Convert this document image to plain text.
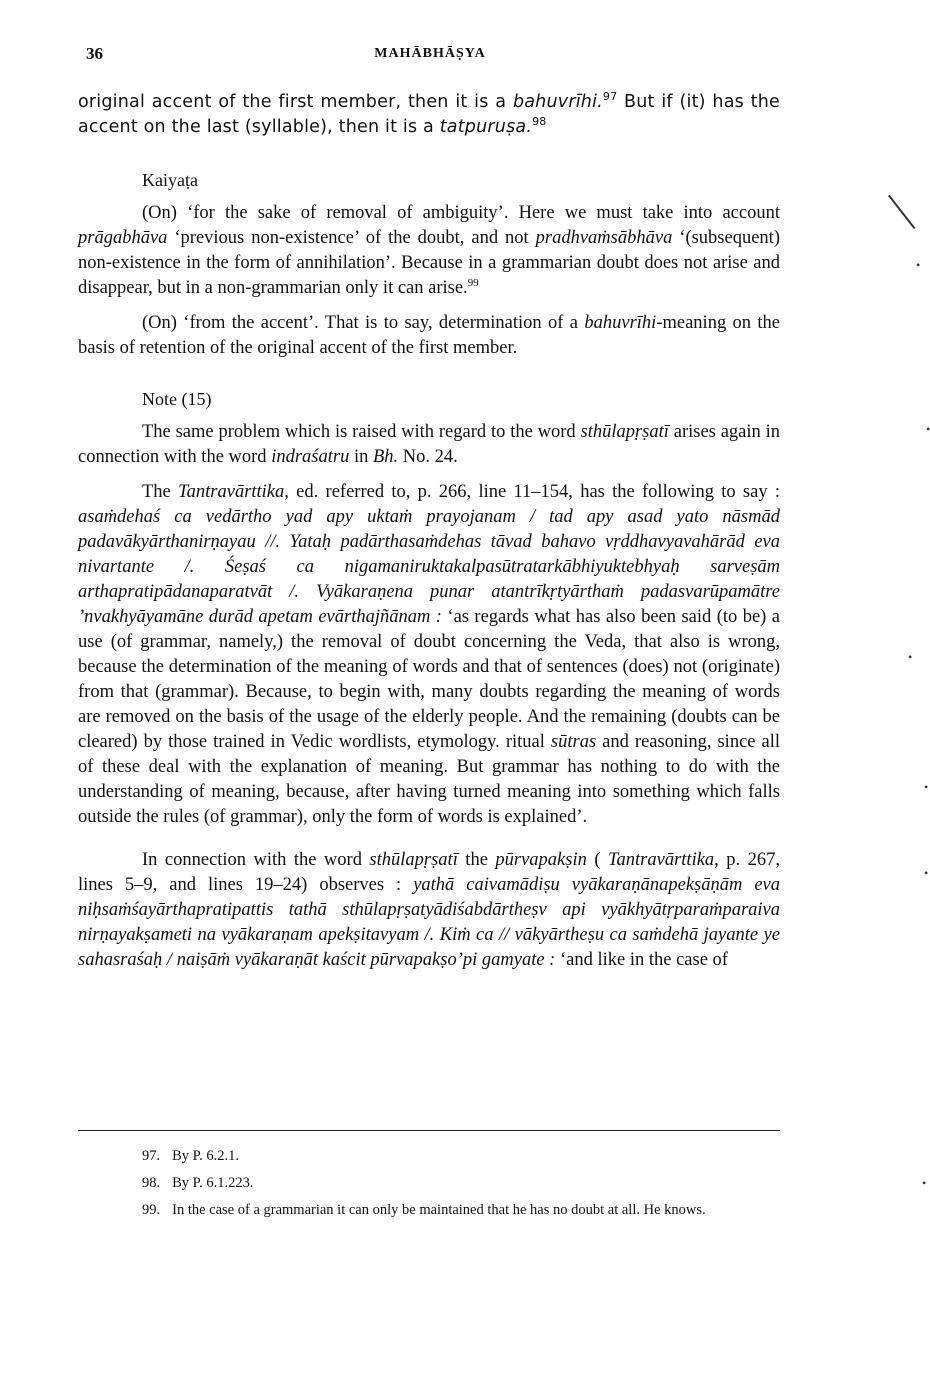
36	MAHĀBHĀṢYA

original accent of the first member, then it is a bahuvrīhi.$^{97}$ But if (it) has the accent on the last (syllable), then it is a tatpuruṣa.$^{98}$

Kaiyaṭa

(On) ‘for the sake of removal of ambiguity’. Here we must take into account prāgabhāva ‘previous non-existence’ of the doubt, and not pradhvaṁsābhāva ‘(subsequent) non-existence in the form of annihilation’. Because in a grammarian doubt does not arise and disappear, but in a non-grammarian only it can arise.$^{99}$

(On) ‘from the accent’. That is to say, determination of a bahuvrīhi-meaning on the basis of retention of the original accent of the first member.

Note (15)

The same problem which is raised with regard to the word sthūlapṛṣatī arises again in connection with the word indraśatru in Bh. No. 24.

The Tantravārttika, ed. referred to, p. 266, line 11–154, has the following to say : asaṁdehaś ca vedārtho yad apy uktaṁ prayojanam / tad apy asad yato nāsmād padavākyārthanirṇayau //. Yataḥ padārthasaṁdehas tāvad bahavo vṛddhavyavahārād eva nivartante /. Śeṣaś ca nigamaniruktakalpasūtratarkābhiyuktebhyaḥ sarveṣām arthapratipādanaparatvāt /. Vyākaraṇena punar atantrīkṛtyārthaṁ padasvarūpamātre ’nvakhyāyamāne durād apetam evārthajñānam : ‘as regards what has also been said (to be) a use (of grammar, namely,) the removal of doubt concerning the Veda, that also is wrong, because the determination of the meaning of words and that of sentences (does) not (originate) from that (grammar). Because, to begin with, many doubts regarding the meaning of words are removed on the basis of the usage of the elderly people. And the remaining (doubts can be cleared) by those trained in Vedic wordlists, etymology. ritual sūtras and reasoning, since all of these deal with the explanation of meaning. But grammar has nothing to do with the understanding of meaning, because, after having turned meaning into something which falls outside the rules (of grammar), only the form of words is explained’.

In connection with the word sthūlapṛṣatī the pūrvapakṣin ( Tantravārttika, p. 267, lines 5–9, and lines 19–24) observes : yathā caivamādiṣu vyākaraṇānapekṣāṇām eva niḥsaṁśayārthapratipattis tathā sthūlapṛṣatyādiśabdārtheṣv api vyākhyātṛparaṁparaiva nirṇayakṣameti na vyākaraṇam apekṣitavyam /. Kiṁ ca // vākyārtheṣu ca saṁdehā jayante ye sahasraśaḥ / naiṣāṁ vyākaraṇāt kaścit pūrvapakṣo’pi gamyate : ‘and like in the case of

97. By P. 6.2.1.
98. By P. 6.1.223.
99. In the case of a grammarian it can only be maintained that he has no doubt at all. He knows.
•
•
•
•
•
•
